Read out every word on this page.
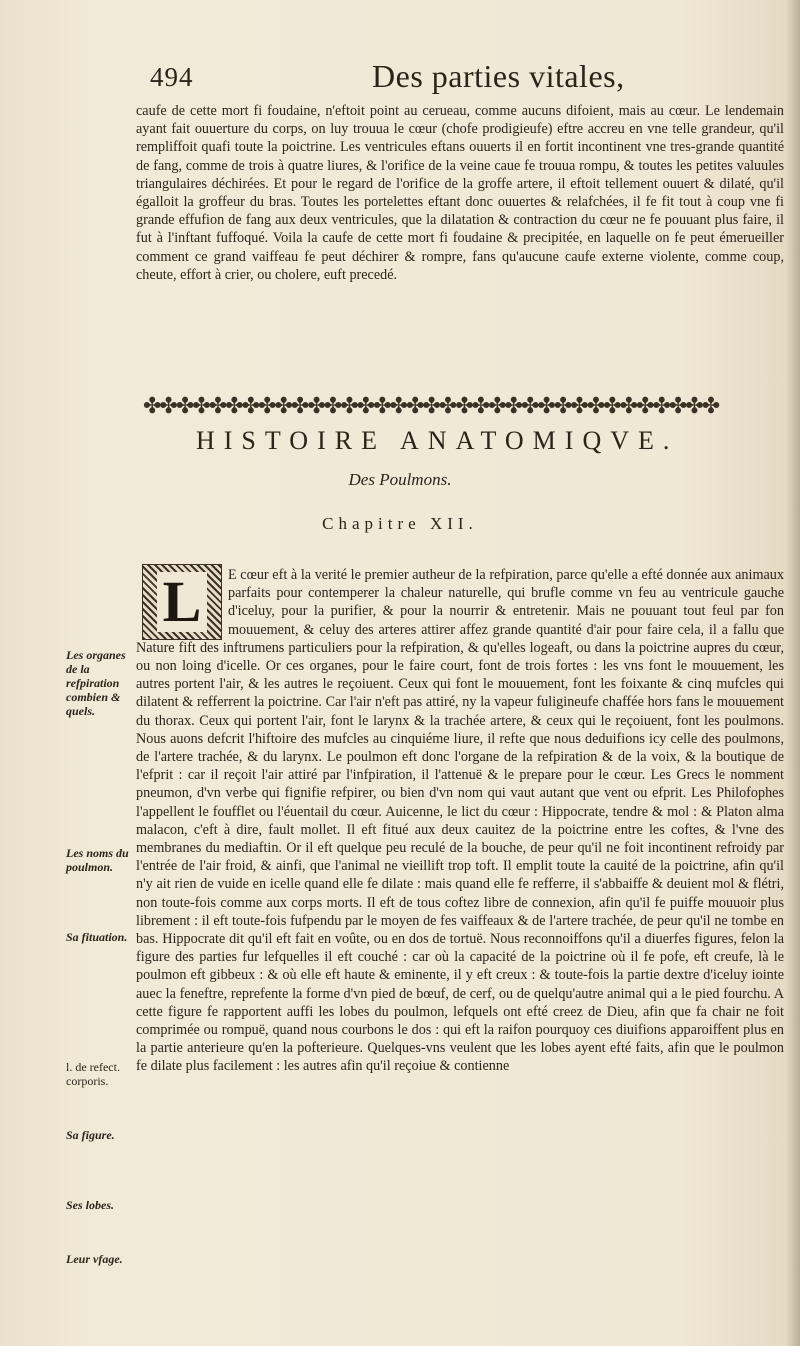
494	Des parties vitales,

caufe de cette mort fi foudaine, n'eftoit point au cerueau, comme aucuns difoient, mais au cœur. Le lendemain ayant fait ouuerture du corps, on luy trouua le cœur (chofe prodigieufe) eftre accreu en vne telle grandeur, qu'il rempliffoit quafi toute la poictrine. Les ventricules eftans ouuerts il en fortit incontinent vne tres-grande quantité de fang, comme de trois à quatre liures, & l'orifice de la veine caue fe trouua rompu, & toutes les petites valuules triangulaires déchirées. Et pour le regard de l'orifice de la groffe artere, il eftoit tellement ouuert & dilaté, qu'il égalloit la groffeur du bras. Toutes les portelettes eftant donc ouuertes & relafchées, il fe fit tout à coup vne fi grande effufion de fang aux deux ventricules, que la dilatation & contraction du cœur ne fe pouuant plus faire, il fut à l'inftant fuffoqué. Voila la caufe de cette mort fi foudaine & precipitée, en laquelle on fe peut émerueiller comment ce grand vaiffeau fe peut déchirer & rompre, fans qu'aucune caufe externe violente, comme coup, cheute, effort à crier, ou cholere, euft precedé.

✤✤✤✤✤✤✤✤✤✤✤✤✤✤✤✤✤✤✤✤✤✤✤✤✤✤✤✤✤✤✤✤✤✤✤
HISTOIRE ANATOMIQVE.
Des Poulmons.
Chapitre XII.
L	E cœur eft à la verité le premier autheur de la refpiration, parce qu'elle a efté donnée aux animaux parfaits pour contemperer la chaleur naturelle, qui brufle comme vn feu au ventricule gauche d'iceluy, pour la purifier, & pour la nourrir & entretenir. Mais ne pouuant tout feul par fon mouuement, & celuy des arteres attirer affez grande quantité d'air pour faire cela, il a fallu que Nature fift des inftrumens particuliers pour la refpiration, & qu'elles logeaft, ou dans la poictrine aupres du cœur, ou non loing d'icelle. Or ces organes, pour le faire court, font de trois fortes : les vns font le mouuement, les autres portent l'air, & les autres le reçoiuent. Ceux qui font le mouuement, font les foixante & cinq mufcles qui dilatent & refferrent la poictrine. Car l'air n'eft pas attiré, ny la vapeur fuligineufe chaffée hors fans le mouuement du thorax. Ceux qui portent l'air, font le larynx & la trachée artere, & ceux qui le reçoiuent, font les poulmons. Nous auons defcrit l'hiftoire des mufcles au cinquiéme liure, il refte que nous deduifions icy celle des poulmons, de l'artere trachée, & du larynx. Le poulmon eft donc l'organe de la refpiration & de la voix, & la boutique de l'efprit : car il reçoit l'air attiré par l'infpiration, il l'attenuë & le prepare pour le cœur. Les Grecs le nomment pneumon, d'vn verbe qui fignifie refpirer, ou bien d'vn nom qui vaut autant que vent ou efprit. Les Philofophes l'appellent le foufflet ou l'éuentail du cœur. Auicenne, le lict du cœur : Hippocrate, tendre & mol : & Platon alma malacon, c'eft à dire, fault mollet. Il eft fitué aux deux cauitez de la poictrine entre les coftes, & l'vne des membranes du mediaftin. Or il eft quelque peu reculé de la bouche, de peur qu'il ne foit incontinent refroidy par l'entrée de l'air froid, & ainfi, que l'animal ne vieillift trop toft. Il emplit toute la cauité de la poictrine, afin qu'il n'y ait rien de vuide en icelle quand elle fe dilate : mais quand elle fe refferre, il s'abbaiffe & deuient mol & flétri, non toute-fois comme aux corps morts. Il eft de tous coftez libre de connexion, afin qu'il fe puiffe mouuoir plus librement : il eft toute-fois fufpendu par le moyen de fes vaiffeaux & de l'artere trachée, de peur qu'il ne tombe en bas. Hippocrate dit qu'il eft fait en voûte, ou en dos de tortuë. Nous reconnoiffons qu'il a diuerfes figures, felon la figure des parties fur lefquelles il eft couché : car où la capacité de la poictrine où il fe pofe, eft creufe, là le poulmon eft gibbeux : & où elle eft haute & eminente, il y eft creux : & toute-fois la partie dextre d'iceluy iointe auec la feneftre, reprefente la forme d'vn pied de bœuf, de cerf, ou de quelqu'autre animal qui a le pied fourchu. A cette figure fe rapportent auffi les lobes du poulmon, lefquels ont efté creez de Dieu, afin que fa chair ne foit comprimée ou rompuë, quand nous courbons le dos : qui eft la raifon pourquoy ces diuifions apparoiffent plus en la partie anterieure qu'en la pofterieure. Quelques-vns veulent que les lobes ayent efté faits, afin que le poulmon fe dilate plus facilement : les autres afin qu'il reçoiue & contienne

Les organes de la refpiration combien & quels.
Les noms du poulmon.
Sa fituation.
l. de refect. corporis.
Sa figure.
Ses lobes.
Leur vfage.
